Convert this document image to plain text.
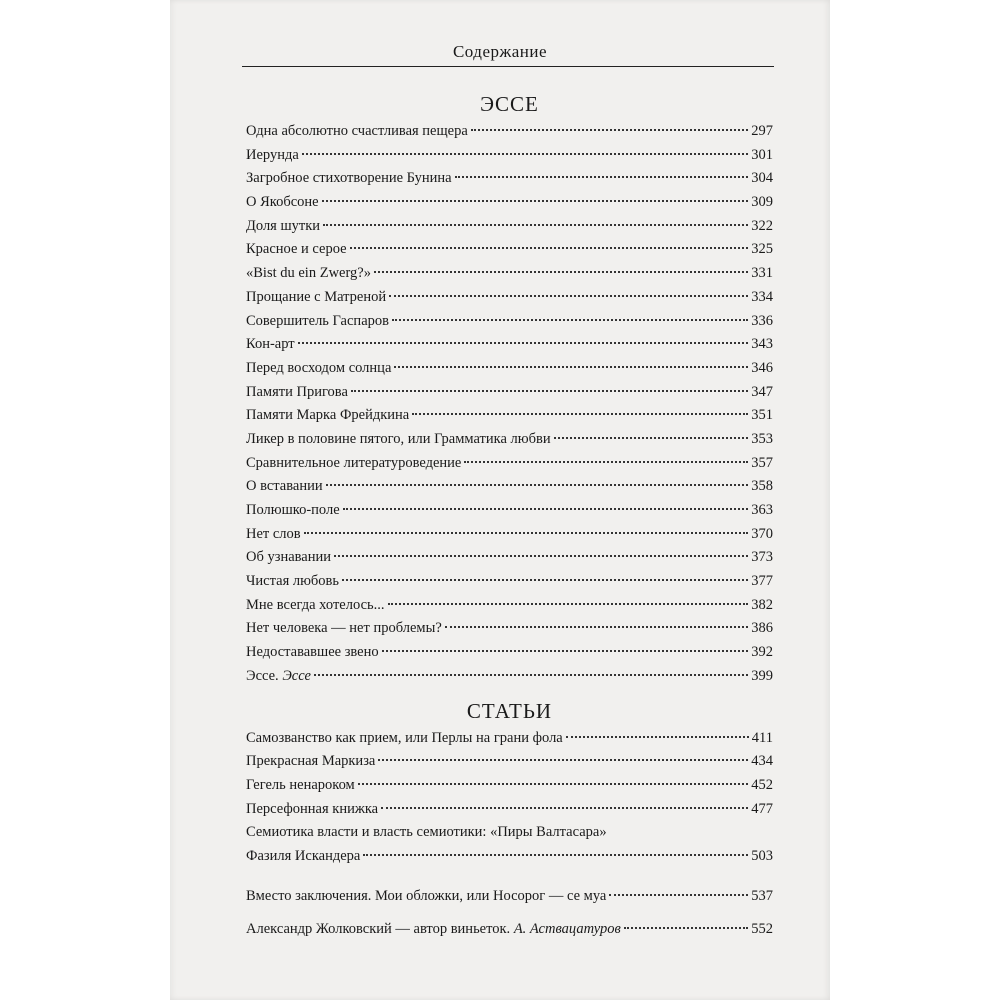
Содержание
ЭССЕ
Одна абсолютно счастливая пещера	297
Иерунда	301
Загробное стихотворение Бунина	304
О Якобсоне	309
Доля шутки	322
Красное и серое	325
«Bist du ein Zwerg?»	331
Прощание с Матреной	334
Совершитель Гаспаров	336
Кон-арт	343
Перед восходом солнца	346
Памяти Пригова	347
Памяти Марка Фрейдкина	351
Ликер в половине пятого, или Грамматика любви	353
Сравнительное литературоведение	357
О вставании	358
Полюшко-поле	363
Нет слов	370
Об узнавании	373
Чистая любовь	377
Мне всегда хотелось...	382
Нет человека — нет проблемы?	386
Недостававшее звено	392
Эссе. Эссе	399
СТАТЬИ
Самозванство как прием, или Перлы на грани фола	411
Прекрасная Маркиза	434
Гегель ненароком	452
Персефонная книжка	477
Семиотика власти и власть семиотики: «Пиры Валтасара»
Фазиля Искандера	503
Вместо заключения. Мои обложки, или Носорог — се муа	537
Александр Жолковский — автор виньеток. А. Аствацатуров	552
